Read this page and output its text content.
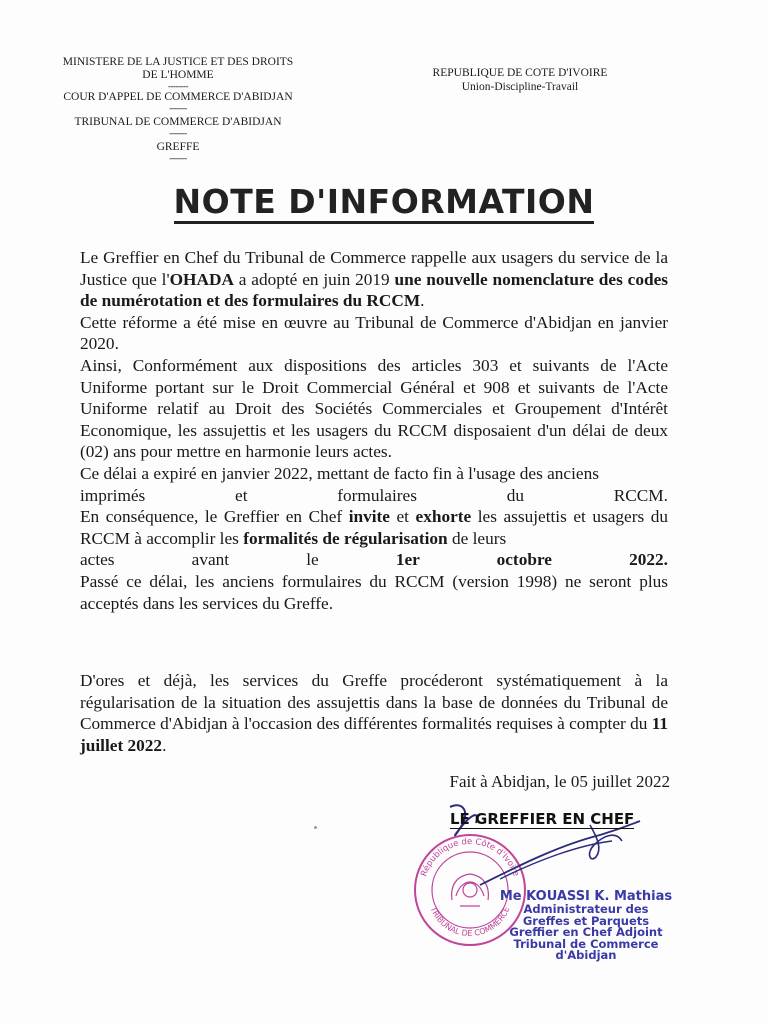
MINISTERE DE LA JUSTICE ET DES DROITS
DE L'HOMME
--------
COUR D'APPEL DE COMMERCE D'ABIDJAN
-------
TRIBUNAL DE COMMERCE D'ABIDJAN
-------
GREFFE
-------
REPUBLIQUE DE COTE D'IVOIRE
Union-Discipline-Travail
NOTE D'INFORMATION

Le Greffier en Chef du Tribunal de Commerce rappelle aux usagers du service de la Justice que l'OHADA a adopté en juin 2019 une nouvelle nomenclature des codes de numérotation et des formulaires du RCCM.

Cette réforme a été mise en œuvre au Tribunal de Commerce d'Abidjan en janvier 2020.

Ainsi, Conformément aux dispositions des articles 303 et suivants de l'Acte Uniforme portant sur le Droit Commercial Général et 908 et suivants de l'Acte Uniforme relatif au Droit des Sociétés Commerciales et Groupement d'Intérêt Economique, les assujettis et les usagers du RCCM disposaient d'un délai de deux (02) ans pour mettre en harmonie leurs actes.

Ce délai a expiré en janvier 2022, mettant de facto fin à l'usage des anciens

imprimés et formulaires du RCCM.

En conséquence, le Greffier en Chef invite et exhorte les assujettis et usagers du RCCM à accomplir les formalités de régularisation de leurs

actes avant le 1er octobre 2022.

Passé ce délai, les anciens formulaires du RCCM (version 1998) ne seront plus acceptés dans les services du Greffe.

D'ores et déjà, les services du Greffe procéderont systématiquement à la régularisation de la situation des assujettis dans la base de données du Tribunal de Commerce d'Abidjan à l'occasion des différentes formalités requises à compter du 11 juillet 2022.

Fait à Abidjan, le 05 juillet 2022
République de Côte d'Ivoire
TRIBUNAL DE COMMERCE
LE GREFFIER EN CHEF
Me KOUASSI K. Mathias
Administrateur des
Greffes et Parquets
Greffier en Chef Adjoint
Tribunal de Commerce
d'Abidjan
